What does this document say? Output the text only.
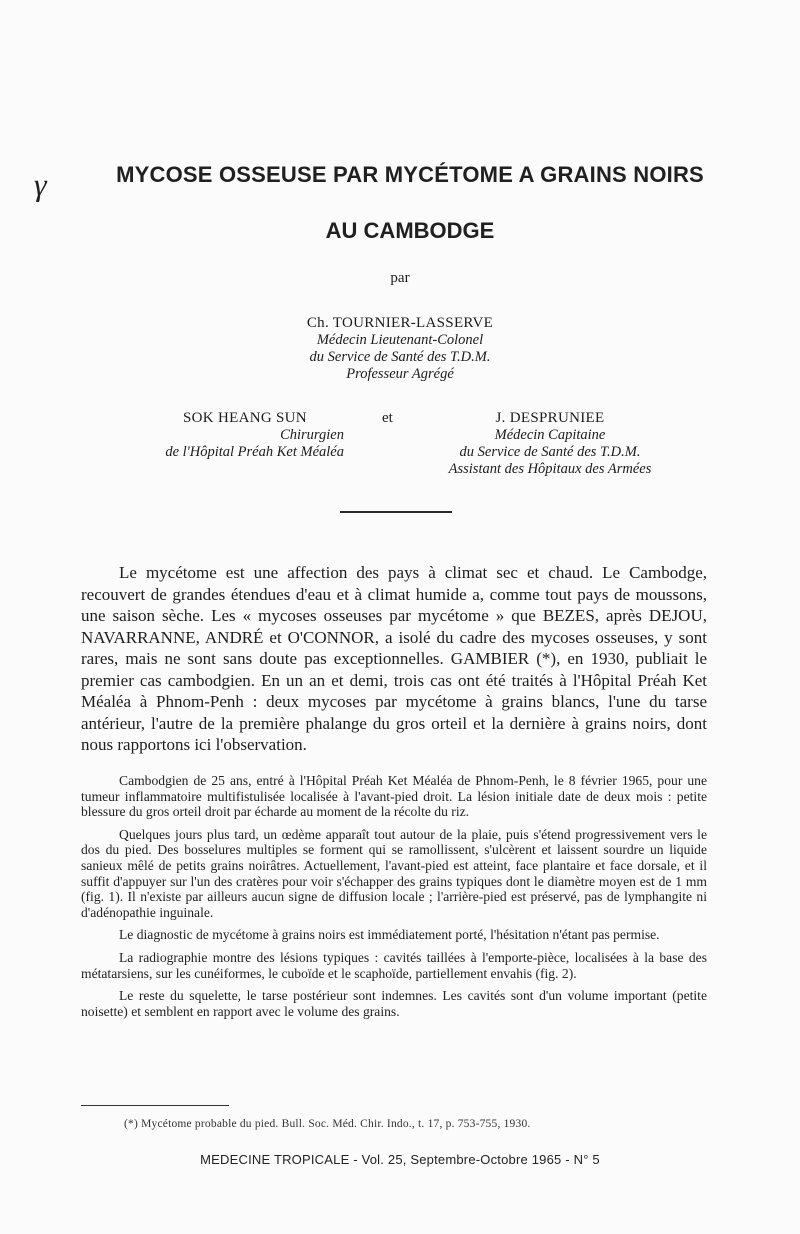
γ	MYCOSE OSSEUSE PAR MYCÉTOME A GRAINS NOIRS
AU CAMBODGE
par
Ch. TOURNIER-LASSERVE
Médecin Lieutenant-Colonel
du Service de Santé des T.D.M.
Professeur Agrégé
SOK HEANG SUN
Chirurgien
de l'Hôpital Préah Ket Méaléa
et	J. DESPRUNIEE
Médecin Capitaine
du Service de Santé des T.D.M.
Assistant des Hôpitaux des Armées
Le mycétome est une affection des pays à climat sec et chaud. Le Cambodge, recouvert de grandes étendues d'eau et à climat humide a, comme tout pays de moussons, une saison sèche. Les « mycoses osseuses par mycétome » que BEZES, après DEJOU, NAVARRANNE, ANDRÉ et O'CONNOR, a isolé du cadre des mycoses osseuses, y sont rares, mais ne sont sans doute pas exceptionnelles. GAMBIER (*), en 1930, publiait le premier cas cambodgien. En un an et demi, trois cas ont été traités à l'Hôpital Préah Ket Méaléa à Phnom-Penh : deux mycoses par mycétome à grains blancs, l'une du tarse antérieur, l'autre de la première phalange du gros orteil et la dernière à grains noirs, dont nous rapportons ici l'observation.

Cambodgien de 25 ans, entré à l'Hôpital Préah Ket Méaléa de Phnom-Penh, le 8 février 1965, pour une tumeur inflammatoire multifistulisée localisée à l'avant-pied droit. La lésion initiale date de deux mois : petite blessure du gros orteil droit par écharde au moment de la récolte du riz.

Quelques jours plus tard, un œdème apparaît tout autour de la plaie, puis s'étend progressivement vers le dos du pied. Des bosselures multiples se forment qui se ramollissent, s'ulcèrent et laissent sourdre un liquide sanieux mêlé de petits grains noirâtres. Actuellement, l'avant-pied est atteint, face plantaire et face dorsale, et il suffit d'appuyer sur l'un des cratères pour voir s'échapper des grains typiques dont le diamètre moyen est de 1 mm (fig. 1). Il n'existe par ailleurs aucun signe de diffusion locale ; l'arrière-pied est préservé, pas de lymphangite ni d'adénopathie inguinale.

Le diagnostic de mycétome à grains noirs est immédiatement porté, l'hésitation n'étant pas permise.

La radiographie montre des lésions typiques : cavités taillées à l'emporte-pièce, localisées à la base des métatarsiens, sur les cunéiformes, le cuboïde et le scaphoïde, partiellement envahis (fig. 2).

Le reste du squelette, le tarse postérieur sont indemnes. Les cavités sont d'un volume important (petite noisette) et semblent en rapport avec le volume des grains.

(*) Mycétome probable du pied. Bull. Soc. Méd. Chir. Indo., t. 17, p. 753-755, 1930.
MEDECINE TROPICALE - Vol. 25, Septembre-Octobre 1965 - N° 5
